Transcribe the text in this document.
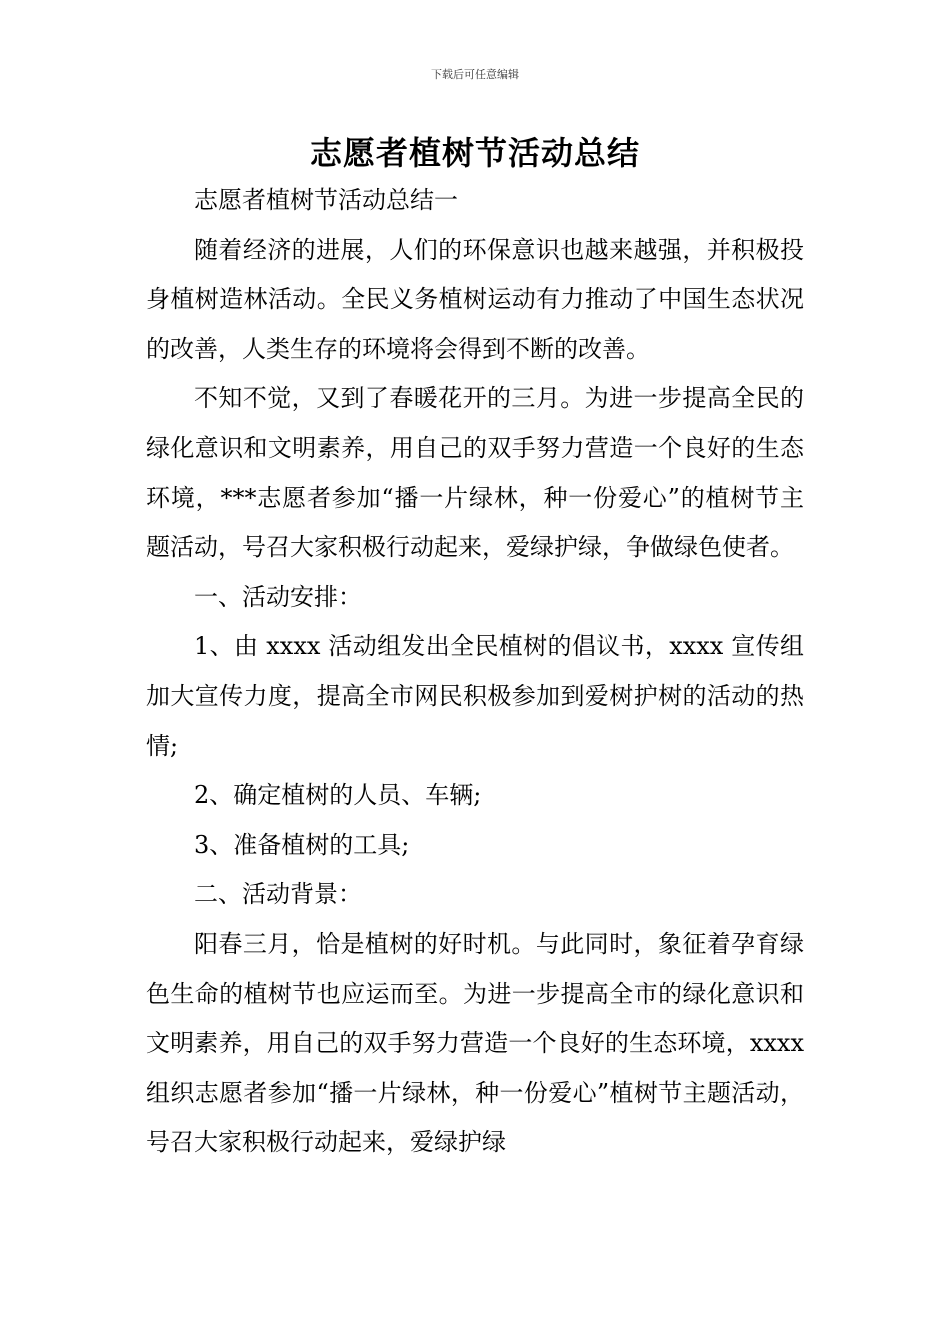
下载后可任意编辑
志愿者植树节活动总结

志愿者植树节活动总结一

随着经济的进展，人们的环保意识也越来越强，并积极投身植树造林活动。全民义务植树运动有力推动了中国生态状况的改善，人类生存的环境将会得到不断的改善。

不知不觉，又到了春暖花开的三月。为进一步提高全民的绿化意识和文明素养，用自己的双手努力营造一个良好的生态环境，***志愿者参加“播一片绿林，种一份爱心”的植树节主题活动，号召大家积极行动起来，爱绿护绿，争做绿色使者。

一、活动安排：

1、由 xxxx 活动组发出全民植树的倡议书，xxxx 宣传组加大宣传力度，提高全市网民积极参加到爱树护树的活动的热情;

2、确定植树的人员、车辆;

3、准备植树的工具;

二、活动背景：

阳春三月，恰是植树的好时机。与此同时，象征着孕育绿色生命的植树节也应运而至。为进一步提高全市的绿化意识和文明素养，用自己的双手努力营造一个良好的生态环境，xxxx 组织志愿者参加“播一片绿林，种一份爱心”植树节主题活动，号召大家积极行动起来，爱绿护绿
